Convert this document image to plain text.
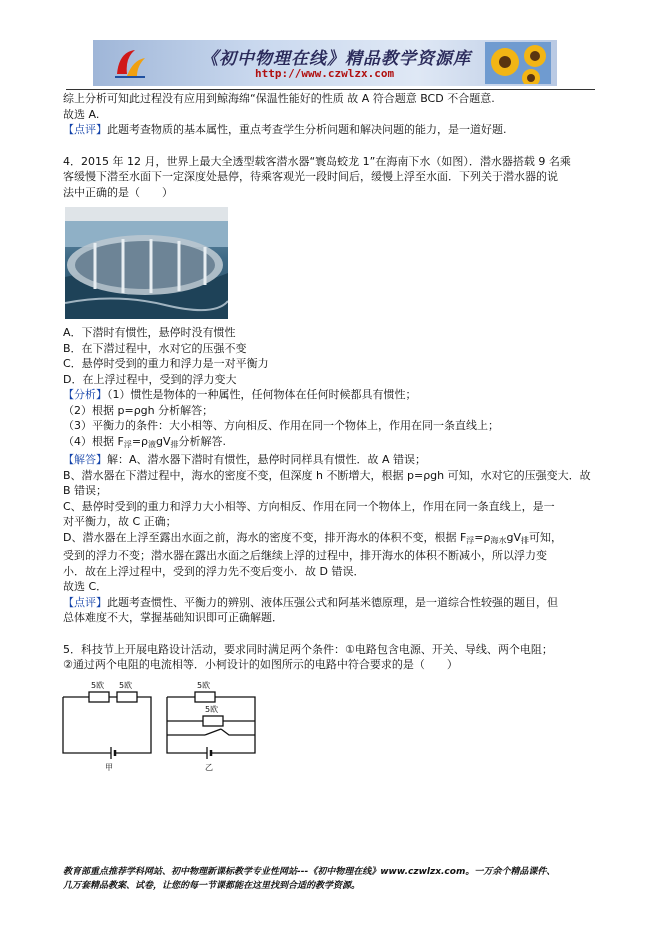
《初中物理在线》精品教学资源库
http://www.czwlzx.com

综上分析可知此过程没有应用到鲸海绵“保温性能好的性质 故 A 符合题意 BCD 不合题意.

故选 A.

【点评】此题考查物质的基本属性，重点考查学生分析问题和解决问题的能力，是一道好题.

4．2015 年 12 月，世界上最大全透型载客潜水器“寰岛蛟龙 1”在海南下水（如图）．潜水器搭载 9 名乘

客缓慢下潜至水面下一定深度处悬停，待乘客观光一段时间后，缓慢上浮至水面．下列关于潜水器的说

法中正确的是（　　）

A．下潜时有惯性，悬停时没有惯性

B．在下潜过程中，水对它的压强不变

C．悬停时受到的重力和浮力是一对平衡力

D．在上浮过程中，受到的浮力变大

【分析】（1）惯性是物体的一种属性，任何物体在任何时候都具有惯性；

（2）根据 p=ρgh 分析解答；

（3）平衡力的条件：大小相等、方向相反、作用在同一个物体上，作用在同一条直线上；

（4）根据 $F_浮=\rho_液gV_排$分析解答.

【解答】解：A、潜水器下潜时有惯性，悬停时同样具有惯性．故 A 错误；

B、潜水器在下潜过程中，海水的密度不变，但深度 h 不断增大，根据 p=ρgh 可知，水对它的压强变大．故

B 错误；

C、悬停时受到的重力和浮力大小相等、方向相反、作用在同一个物体上，作用在同一条直线上，是一

对平衡力，故 C 正确；

D、潜水器在上浮至露出水面之前，海水的密度不变，排开海水的体积不变，根据 $F_浮=\rho_{海水}gV_排$可知，

受到的浮力不变；潜水器在露出水面之后继续上浮的过程中，排开海水的体积不断减小，所以浮力变

小．故在上浮过程中，受到的浮力先不变后变小．故 D 错误．

故选 C．

【点评】此题考查惯性、平衡力的辨别、液体压强公式和阿基米德原理，是一道综合性较强的题目，但

总体难度不大，掌握基础知识即可正确解题．

5．科技节上开展电路设计活动，要求同时满足两个条件：①电路包含电源、开关、导线、两个电阻；

②通过两个电阻的电流相等．小柯设计的如图所示的电路中符合要求的是（　　）

5欧 5欧	5欧
5欧
甲	乙
教育部重点推荐学科网站、初中物理新课标教学专业性网站---《初中物理在线》www.czwlzx.com。一万余个精品课件、
几万套精品教案、试卷，让您的每一节课都能在这里找到合适的教学资源。
